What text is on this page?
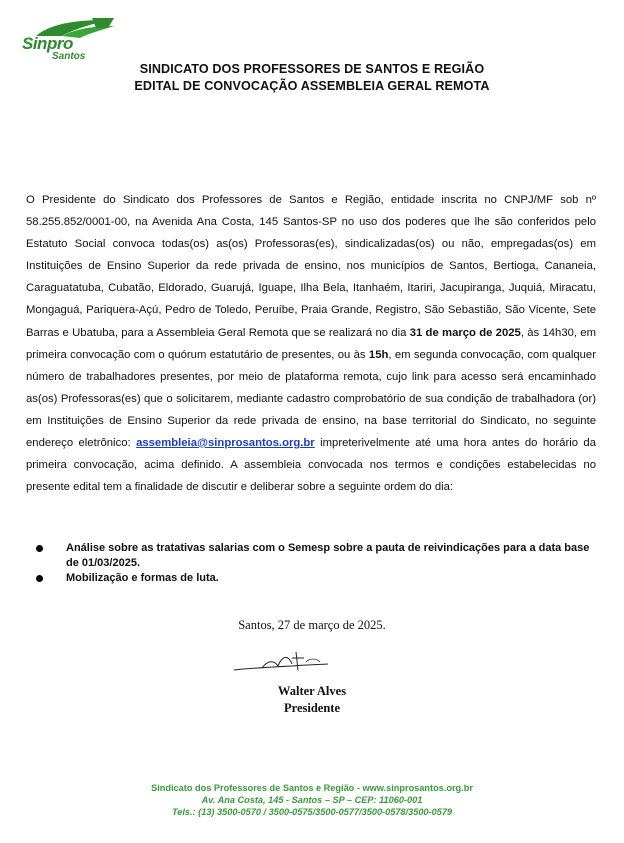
Sinpro
Santos
SINDICATO DOS PROFESSORES DE SANTOS E REGIÃO
EDITAL DE CONVOCAÇÃO ASSEMBLEIA GERAL REMOTA
O Presidente do Sindicato dos Professores de Santos e Região, entidade inscrita no CNPJ/MF sob nº 58.255.852/0001-00, na Avenida Ana Costa, 145 Santos-SP no uso dos poderes que lhe são conferidos pelo Estatuto Social convoca todas(os) as(os) Professoras(es), sindicalizadas(os) ou não, empregadas(os) em Instituições de Ensino Superior da rede privada de ensino, nos municípios de Santos, Bertioga, Cananeia, Caraguatatuba, Cubatão, Eldorado, Guarujá, Iguape, Ilha Bela, Itanhaém, Itariri, Jacupiranga, Juquiá, Miracatu, Mongaguá, Pariquera-Açú, Pedro de Toledo, Peruíbe, Praia Grande, Registro, São Sebastião, São Vicente, Sete Barras e Ubatuba, para a Assembleia Geral Remota que se realizará no dia 31 de março de 2025, às 14h30, em primeira convocação com o quórum estatutário de presentes, ou às 15h, em segunda convocação, com qualquer número de trabalhadores presentes, por meio de plataforma remota, cujo link para acesso será encaminhado as(os) Professoras(es) que o solicitarem, mediante cadastro comprobatório de sua condição de trabalhadora (or) em Instituições de Ensino Superior da rede privada de ensino, na base territorial do Sindicato, no seguinte endereço eletrônico: assembleia@sinprosantos.org.br impreterivelmente até uma hora antes do horário da primeira convocação, acima definido. A assembleia convocada nos termos e condições estabelecidas no presente edital tem a finalidade de discutir e deliberar sobre a seguinte ordem do dia:
Análise sobre as tratativas salarias com o Semesp sobre a pauta de reivindicações para a data base de 01/03/2025.
Mobilização e formas de luta.
Santos, 27 de março de 2025.
Walter Alves
Presidente
Sindicato dos Professores de Santos e Região - www.sinprosantos.org.br
Av. Ana Costa, 145 - Santos – SP – CEP: 11060-001
Tels.: (13) 3500-0570 / 3500-0575/3500-0577/3500-0578/3500-0579
